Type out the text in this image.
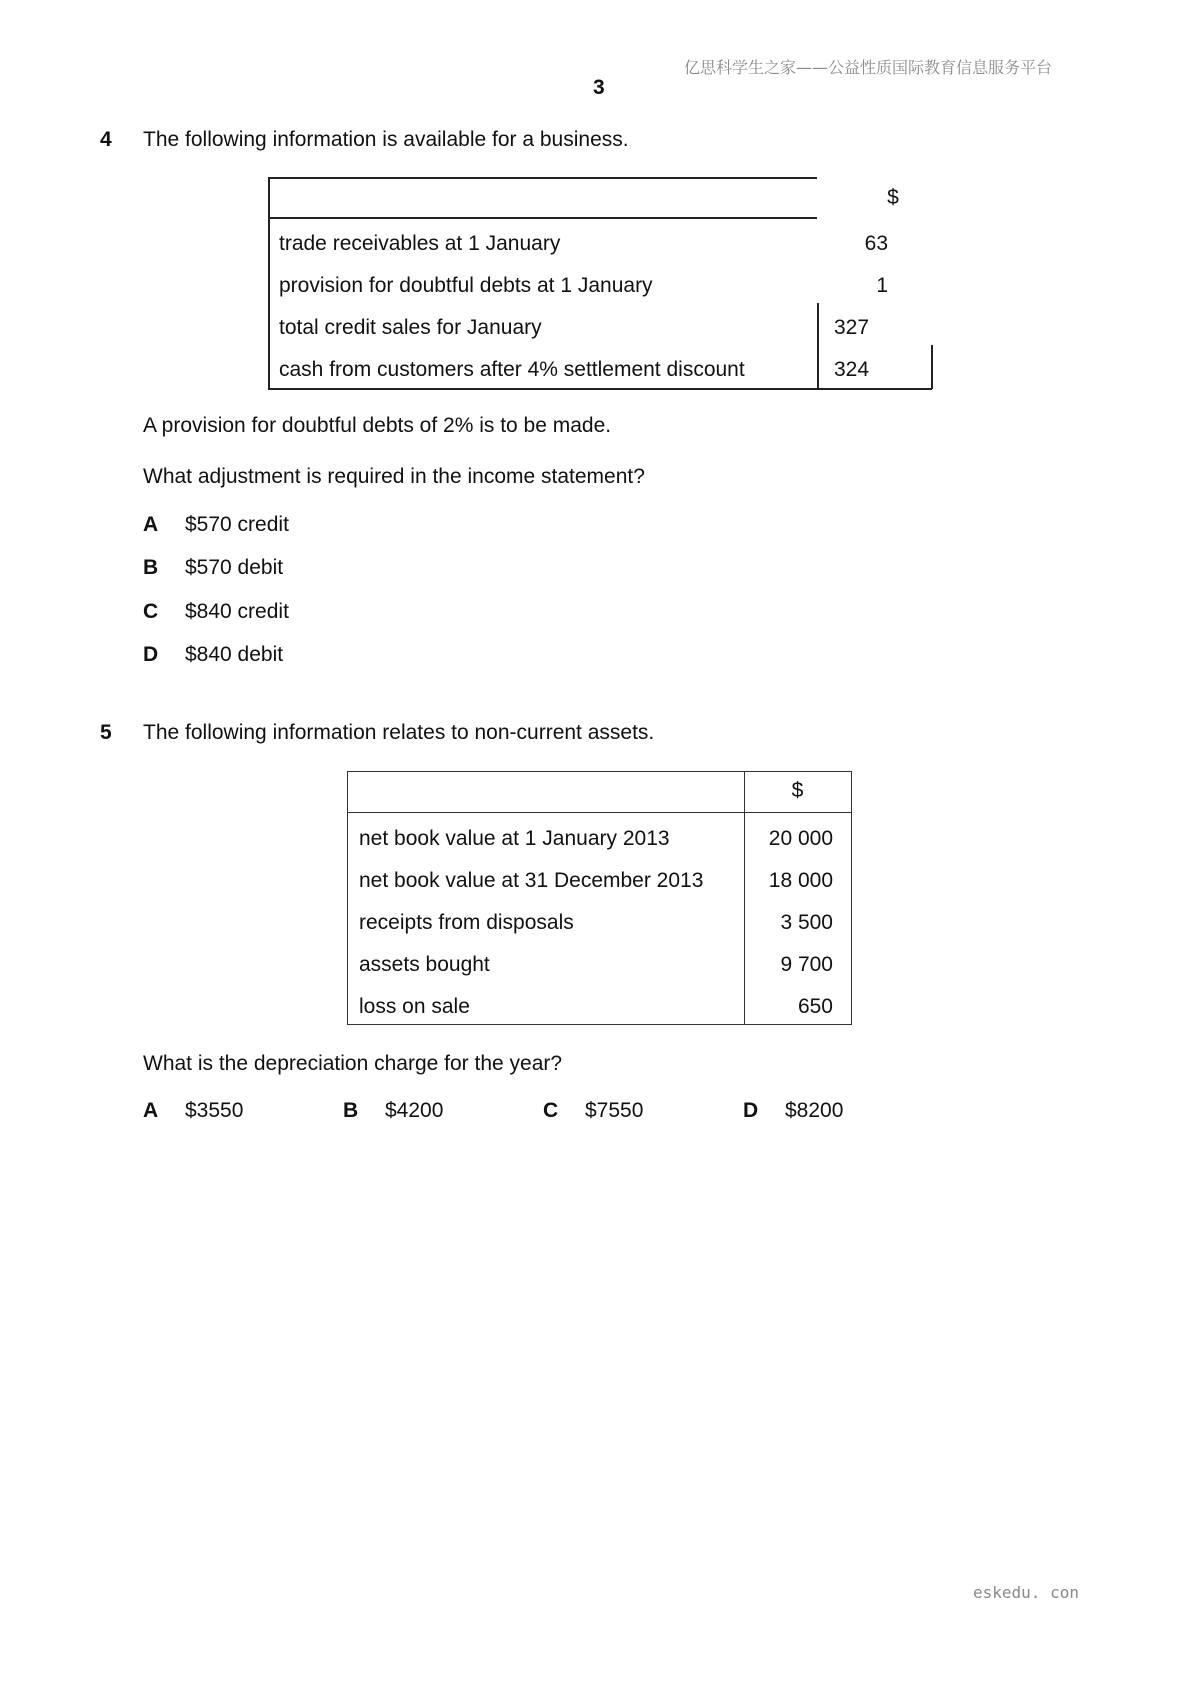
亿思科学生之家——公益性质国际教育信息服务平台
3
4 The following information is available for a business.
$
trade receivables at 1 January	63
provision for doubtful debts at 1 January	1
total credit sales for January	327
cash from customers after 4% settlement discount	324
A provision for doubtful debts of 2% is to be made.
What adjustment is required in the income statement?
A $570 credit
B $570 debit
C $840 credit
D $840 debit
5 The following information relates to non-current assets.
$
net book value at 1 January 2013	20 000
net book value at 31 December 2013	18 000
receipts from disposals	3 500
assets bought	9 700
loss on sale	650
What is the depreciation charge for the year?
A $3550	B $4200	C $7550	D $8200
eskedu. con
